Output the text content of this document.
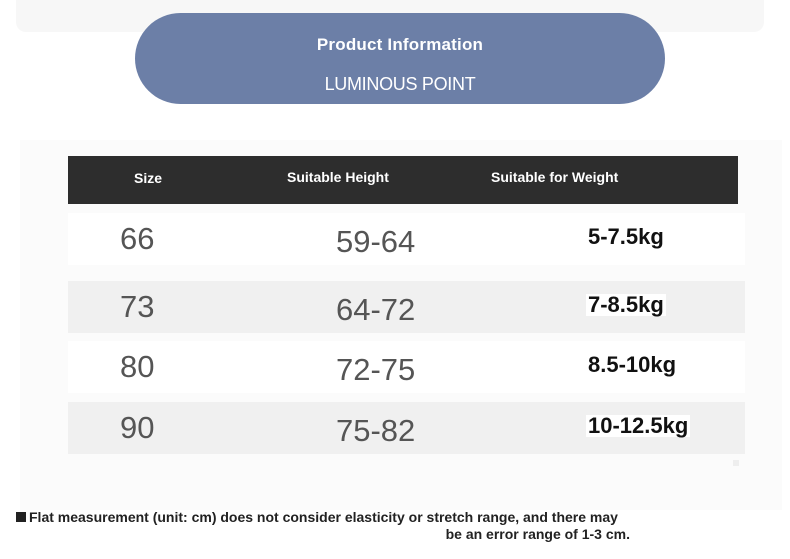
Product Information
LUMINOUS POINT
Size	Suitable Height	Suitable for Weight
66	59-64	5-7.5kg
73	64-72	7-8.5kg
80	72-75	8.5-10kg
90	75-82	10-12.5kg
Flat measurement (unit: cm) does not consider elasticity or stretch range, and there may
be an error range of 1-3 cm.
